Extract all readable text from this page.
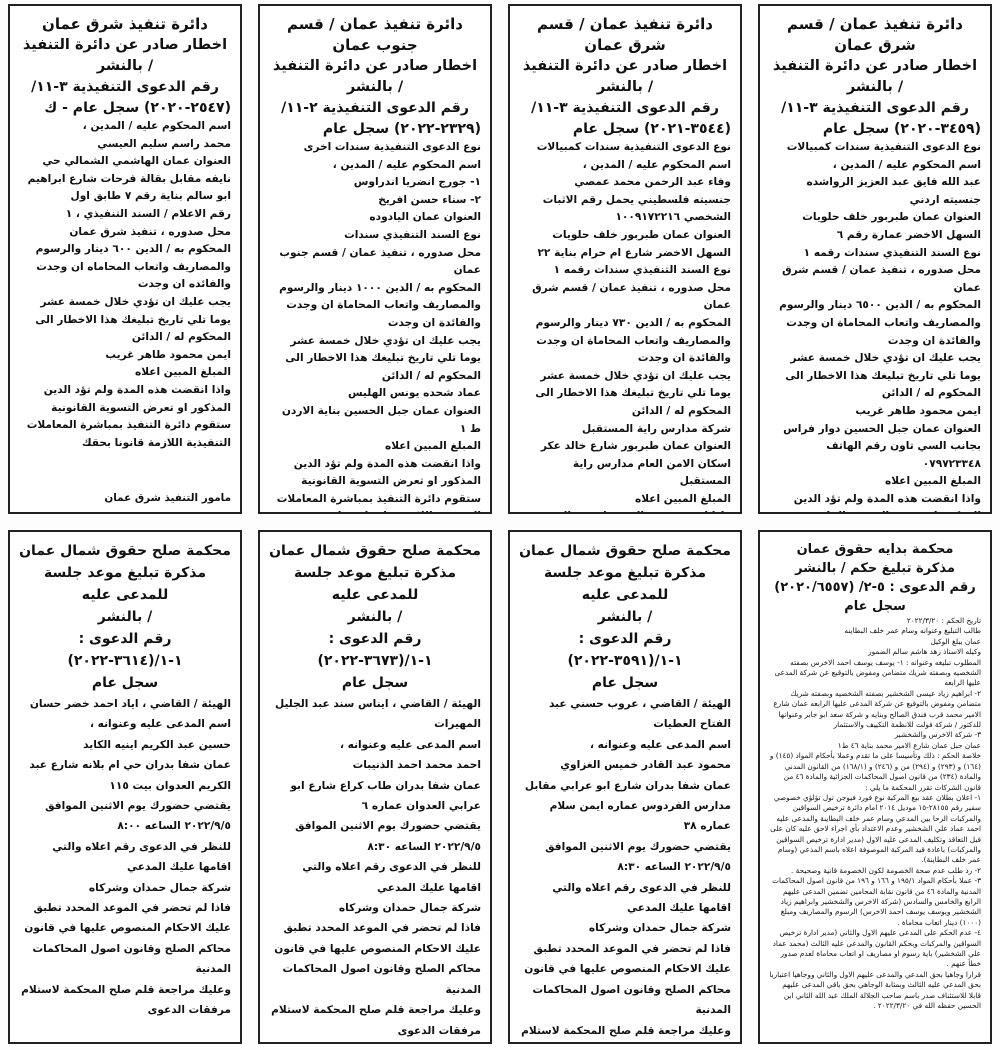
دائرة تنفيذ عمان / قسم شرق عمان
اخطار صادر عن دائرة التنفيذ / بالنشر
رقم الدعوى التنفيذية ٣-١١/
(٣٤٥٩-٢٠٢٠) سجل عام

نوع الدعوى التنفيذية سندات كمبيالات

اسم المحكوم عليه / المدين ،

عبد الله فايق عبد العزيز الرواشده

جنسيته اردني

العنوان عمان طبربور خلف حلويات السهل الاخضر عمارة رقم ٦

نوع السند التنفيذي سندات رقمه ١

محل صدوره ، تنفيذ عمان / قسم شرق عمان

المحكوم به / الدين ٦٥٠٠ دينار والرسوم والمصاريف واتعاب المحاماة ان وجدت والفائدة ان وجدت

يجب عليك ان تؤدي خلال خمسة عشر يوما تلي تاريخ تبليغك هذا الاخطار الى المحكوم له / الدائن

ايمن محمود طاهر غريب

العنوان عمان جبل الحسين دوار فراس بجانب السي تاون رقم الهاتف ٠٧٩٧٢٣٣٤٨

المبلغ المبين اعلاه

واذا انقضت هذه المدة ولم تؤد الدين

دائرة تنفيذ عمان / قسم شرق عمان
اخطار صادر عن دائرة التنفيذ / بالنشر
رقم الدعوى التنفيذية ٣-١١/
(٣٥٤٤-٢٠٢١) سجل عام

نوع الدعوى التنفيذية سندات كمبيالات

اسم المحكوم عليه / المدين ،

وفاء عبد الرحمن محمد عمصي

جنسيته فلسطيني يحمل رقم الاثبات الشخصي ١٠٠٩١٧٢٢١٦

العنوان عمان طبربور خلف حلويات السهل الاخضر شارع ام حرام بناية ٢٢

نوع السند التنفيذي سندات رقمه ١

محل صدوره ، تنفيذ عمان / قسم شرق عمان

المحكوم به / الدين ٧٣٠ دينار والرسوم والمصاريف واتعاب المحاماة ان وجدت والفائدة ان وجدت

يجب عليك ان تؤدي خلال خمسة عشر يوما تلي تاريخ تبليغك هذا الاخطار الى المحكوم له / الدائن

شركة مدارس راية المستقبل

العنوان عمان طبربور شارع خالد عكر اسكان الامن العام مدارس راية المستقبل

المبلغ المبين اعلاه

دائرة تنفيذ عمان / قسم جنوب عمان
اخطار صادر عن دائرة التنفيذ / بالنشر
رقم الدعوى التنفيذية ٢-١١/
(٢٣٢٩-٢٠٢٢) سجل عام

نوع الدعوى التنفيذية سندات اخرى

اسم المحكوم عليه / المدين ،

١- جورج انضريا اندراوس

٢- سناء حسن افريخ

العنوان عمان اليادوده

نوع السند التنفيذي سندات

محل صدوره ، تنفيذ عمان / قسم جنوب عمان

المحكوم به / الدين ١٠٠٠ دينار والرسوم والمصاريف واتعاب المحاماة ان وجدت والفائدة ان وجدت

يجب عليك ان تؤدي خلال خمسة عشر يوما تلي تاريخ تبليغك هذا الاخطار الى المحكوم له / الدائن

عماد شحده يونس الهليس

العنوان عمان جبل الحسين بناية الاردن ط ١

المبلغ المبين اعلاه

واذا انقضت هذه المدة ولم تؤد الدين المذكور او تعرض التسوية القانونية ستقوم دائرة التنفيذ بمباشرة المعاملات

دائرة تنفيذ شرق عمان
اخطار صادر عن دائرة التنفيذ / بالنشر
رقم الدعوى التنفيذية ٣-١١/
(٢٥٤٧-٢٠٢٠) سجل عام - ك

اسم المحكوم عليه / المدين ،

محمد راسم سليم العيسي

العنوان عمان الهاشمي الشمالي حي نايفه مقابل بقالة فرحات شارع ابراهيم ابو سالم بناية رقم ٧ طابق اول

رقم الاعلام / السند التنفيذي ، ١

محل صدوره ، تنفيذ شرق عمان

المحكوم به / الدين ٦٠٠ دينار والرسوم والمصاريف واتعاب المحاماه ان وجدت والفائده ان وجدت

يجب عليك ان تؤدي خلال خمسة عشر يوما تلي تاريخ تبليغك هذا الاخطار الى المحكوم له / الدائن

ايمن محمود طاهر غريب

المبلغ المبين اعلاه

واذا انقضت هذه المدة ولم تؤد الدين المذكور او تعرض التسوية القانونية ستقوم دائرة التنفيذ بمباشرة المعاملات التنفيذية اللازمة قانونا بحقك

مامور التنفيذ شرق عمان
محكمة بدايه حقوق عمان
مذكرة تبليغ حكم / بالنشر
رقم الدعوى : ٥-٢/ (٢٠٢٠/٦٥٥٧) سجل عام

تاريخ الحكم : ٢٠٢٢/٣/٢٠

طالب التبليغ وعنوانه وسام عمر خلف البطاينه

عمان يبلغ الوكيل

وكيله الاستاذ زهد هاشم سالم الضمور

المطلوب تبليغه وعنوانه : ١- يوسف يوسف احمد الاخرس بصفته الشخصيه وبصفته شريك متضامن ومفوض بالتوقيع عن شركة المدعى عليها الرابعه

٢- ابراهيم زياد عيسى الشخشير بصفته الشخصيه وبصفته شريك متضامن ومفوض بالتوقيع عن شركة المدعى عليها الرابعه عمان شارع الامير محمد قرب فندق الصالح وبنايه و شركة سعد ابو جابر وعنوانها للدكتور / شركة فولت للانظمة التكييف والاستثمار

٣- شركة الاخرس والشخشير

عمان جبل عمان شارع الامير محمد بناية ٤٦ ط١

خلاصة الحكم : ذلك وتأسيسا على ما تقدم وعملا بأحكام المواد (١٤٥) و (١٦٤) و (٢٩٣) و (٢٩٤) من و (٢٤٦) و (١٦٨/١) من القانون المدني والمادة (٢٣٤) من قانون اصول المحاكمات الجزائية والمادة ٤٦ من قانون الشركات تقرر المحكمة ما يلي :

١- اعلان بطلان عقد بيع المركبة نوع فورد فيوجن تول تؤلؤي خصوصي سفير رقم ٢٨١٥٥-١٥ موديل ٢٠١٤ امام دائرة ترخيص السواقين والمركبات الرحا بين المدعي وسام عمر خلف البطاينة والمدعى عليه احمد عماد علي الشخشير وعدم الاعتداد بأي اجراء لاحق عليه كان على قبل التعاقد وتكليف المدعى عليه الاول (مدير ادارة ترخيص السواقين والمركبات) باعادة قيد المركبة الموصوفة اعلاه باسم المدعي (وسام عمر خلف البطاينة).

٢- رد طلب عدم صحة الخصومة لكون الخصومة قانية وصحيحة .

٣- عملا بأحكام المواد ١٩٥/١ و ١٦٦ و ١٩٦ من قانون اصول المحاكمات المدنية والمادة ٤٦ من قانون نقابة المحامين تضمين المدعى عليهم الرابع والخامس والسادس (شركة الاخرس والشخشير وابراهيم زياد الشخشير ويوسف يوسف احمد الاخرس) الرسوم والمصاريف ومبلغ (١٠٠٠) دينار اتعاب محاماة .

٤- عدم الحكم على المدعى عليهم الاول والثاني (مدير ادارة ترخيص السواقين والمركبات وبحكم القانون والمدعى عليه الثالث (محمد عماد علي الشخشير) باية رسوم او مصاريف او اتعاب محاماة لعدم صدور خطأ عنهم .

قرارا وجاهيا بحق المدعي والمدعى عليهم الاول والثاني ووجاهيا اعتباريا بحق المدعي عليه الثالث وبمثابة الوجاهي بحق باقي المدعى عليهم قابلا للاستئناف صدر باسم صاحب الجلالة الملك عبد الله الثاني ابن الحسين حفظه الله في ٢٠٢٢/٣/٢٠ .

محكمة صلح حقوق شمال عمان
مذكرة تبليغ موعد جلسة للمدعى عليه
/ بالنشر
رقم الدعوى : ١-١/(٣٥٩١-٢٠٢٢)
سجل عام

الهيئة / القاضي ، عروب حسني عبد الفتاح العطيات

اسم المدعى عليه وعنوانه ،

محمود عبد القادر خميس الغزاوي

عمان شفا بدران شارع ابو عرابي مقابل مدارس الفردوس عماره ايمن سلام عماره ٣٨

يقتضي حضورك يوم الاثنين الموافق ٢٠٢٢/٩/٥ الساعه ٨:٣٠

للنظر في الدعوى رقم اعلاه والتي اقامها عليك المدعي

شركة جمال حمدان وشركاه

فاذا لم تحضر في الموعد المحدد تطبق عليك الاحكام المنصوص عليها في قانون محاكم الصلح وقانون اصول المحاكمات المدنية

وعليك مراجعة قلم صلح المحكمة لاستلام

محكمة صلح حقوق شمال عمان
مذكرة تبليغ موعد جلسة للمدعى عليه
/ بالنشر
رقم الدعوى : ١-١/(٣٦٧٣-٢٠٢٢)
سجل عام

الهيئة / القاضي ، ايناس سند عبد الجليل المهيرات

اسم المدعى عليه وعنوانه ،

احمد محمد احمد الذنيبات

عمان شفا بدران طاب كراع شارع ابو عرابي العدوان عماره ٦

يقتضي حضورك يوم الاثنين الموافق ٢٠٢٢/٩/٥ الساعه ٨:٣٠

للنظر في الدعوى رقم اعلاه والتي اقامها عليك المدعي

شركة جمال حمدان وشركاه

فاذا لم تحضر في الموعد المحدد تطبق عليك الاحكام المنصوص عليها في قانون محاكم الصلح وقانون اصول المحاكمات المدنية

وعليك مراجعة قلم صلح المحكمة لاستلام مرفقات الدعوى

محكمة صلح حقوق شمال عمان
مذكرة تبليغ موعد جلسة للمدعى عليه
/ بالنشر
رقم الدعوى : ١-١/(٣٦١٤-٢٠٢٢)
سجل عام

الهيئة / القاضي ، اياد احمد خضر حسان

اسم المدعى عليه وعنوانه ،

حسين عبد الكريم اينيه الكايد

عمان شفا بدران حي ام بلانه شارع عبد الكريم العدوان بيت ١١٥

يقتضي حضورك يوم الاثنين الموافق ٢٠٢٢/٩/٥ الساعه ٨:٠٠

للنظر في الدعوى رقم اعلاه والتي اقامها عليك المدعي

شركة جمال حمدان وشركاه

فاذا لم تحضر في الموعد المحدد تطبق عليك الاحكام المنصوص عليها في قانون محاكم الصلح وقانون اصول المحاكمات المدنية

وعليك مراجعة قلم صلح المحكمة لاستلام مرفقات الدعوى
